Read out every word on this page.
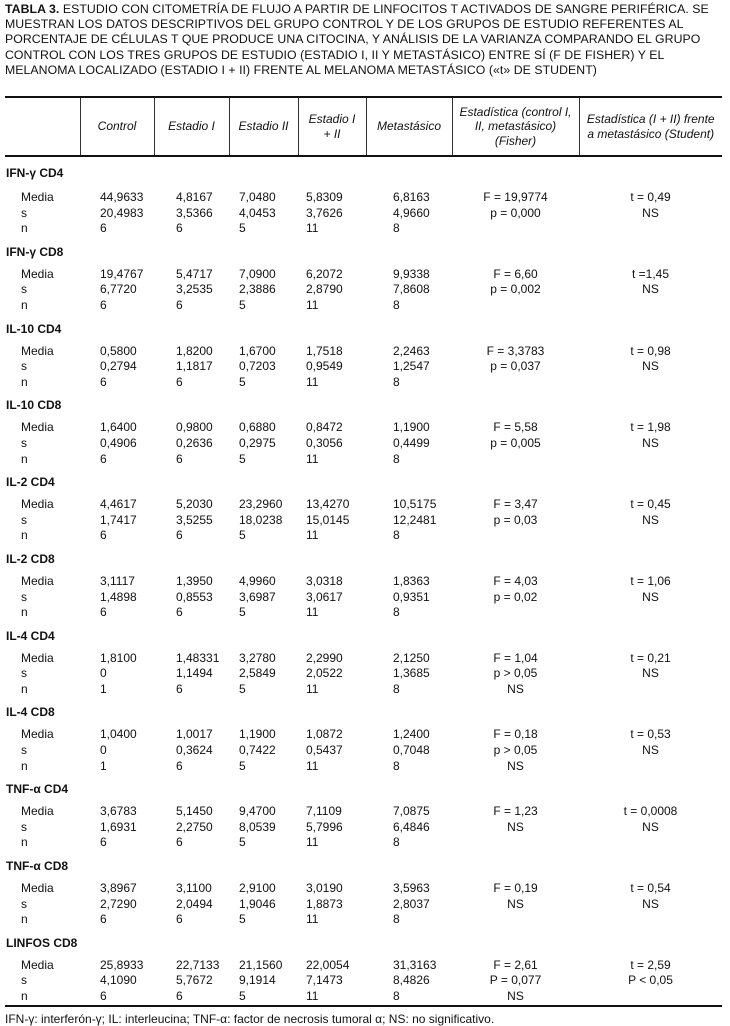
TABLA 3. ESTUDIO CON CITOMETRÍA DE FLUJO A PARTIR DE LINFOCITOS T ACTIVADOS DE SANGRE PERIFÉRICA. SE MUESTRAN LOS DATOS DESCRIPTIVOS DEL GRUPO CONTROL Y DE LOS GRUPOS DE ESTUDIO REFERENTES AL PORCENTAJE DE CÉLULAS T QUE PRODUCE UNA CITOCINA, Y ANÁLISIS DE LA VARIANZA COMPARANDO EL GRUPO CONTROL CON LOS TRES GRUPOS DE ESTUDIO (ESTADIO I, II Y METASTÁSICO) ENTRE SÍ (F DE FISHER) Y EL MELANOMA LOCALIZADO (ESTADIO I + II) FRENTE AL MELANOMA METASTÁSICO («t» DE STUDENT)

	Control	Estadio I	Estadio II	Estadio I + II	Metastásico	Estadística (control I, II, metastásico) (Fisher)	Estadística (I + II) frente a metastásico (Student)
IFN-γ CD4							
Media	44,9633	4,8167	7,0480	5,8309	6,8163	F = 19,9774	t = 0,49
s	20,4983	3,5366	4,0453	3,7626	4,9660	p = 0,000	NS
n	6	6	5	11	8		
IFN-γ CD8							
Media	19,4767	5,4717	7,0900	6,2072	9,9338	F = 6,60	t =1,45
s	6,7720	3,2535	2,3886	2,8790	7,8608	p = 0,002	NS
n	6	6	5	11	8		
IL-10 CD4							
Media	0,5800	1,8200	1,6700	1,7518	2,2463	F = 3,3783	t = 0,98
s	0,2794	1,1817	0,7203	0,9549	1,2547	p = 0,037	NS
n	6	6	5	11	8		
IL-10 CD8							
Media	1,6400	0,9800	0,6880	0,8472	1,1900	F = 5,58	t = 1,98
s	0,4906	0,2636	0,2975	0,3056	0,4499	p = 0,005	NS
n	6	6	5	11	8		
IL-2 CD4							
Media	4,4617	5,2030	23,2960	13,4270	10,5175	F = 3,47	t = 0,45
s	1,7417	3,5255	18,0238	15,0145	12,2481	p = 0,03	NS
n	6	6	5	11	8		
IL-2 CD8							
Media	3,1117	1,3950	4,9960	3,0318	1,8363	F = 4,03	t = 1,06
s	1,4898	0,8553	3,6987	3,0617	0,9351	p = 0,02	NS
n	6	6	5	11	8		
IL-4 CD4							
Media	1,8100	1,48331	3,2780	2,2990	2,1250	F = 1,04	t = 0,21
s	0	1,1494	2,5849	2,0522	1,3685	p > 0,05	NS
n	1	6	5	11	8	NS	
IL-4 CD8							
Media	1,0400	1,0017	1,1900	1,0872	1,2400	F = 0,18	t = 0,53
s	0	0,3624	0,7422	0,5437	0,7048	p > 0,05	NS
n	1	6	5	11	8	NS	
TNF-α CD4							
Media	3,6783	5,1450	9,4700	7,1109	7,0875	F = 1,23	t = 0,0008
s	1,6931	2,2750	8,0539	5,7996	6,4846	NS	NS
n	6	6	5	11	8		
TNF-α CD8							
Media	3,8967	3,1100	2,9100	3,0190	3,5963	F = 0,19	t = 0,54
s	2,7290	2,0494	1,9046	1,8873	2,8037	NS	NS
n	6	6	5	11	8		
LINFOS CD8							
Media	25,8933	22,7133	21,1560	22,0054	31,3163	F = 2,61	t = 2,59
s	4,1090	5,7672	9,1914	7,1473	8,4826	P = 0,077	P < 0,05
n	6	6	5	11	8	NS	
IFN-γ: interferón-γ; IL: interleucina; TNF-α: factor de necrosis tumoral α; NS: no significativo.
